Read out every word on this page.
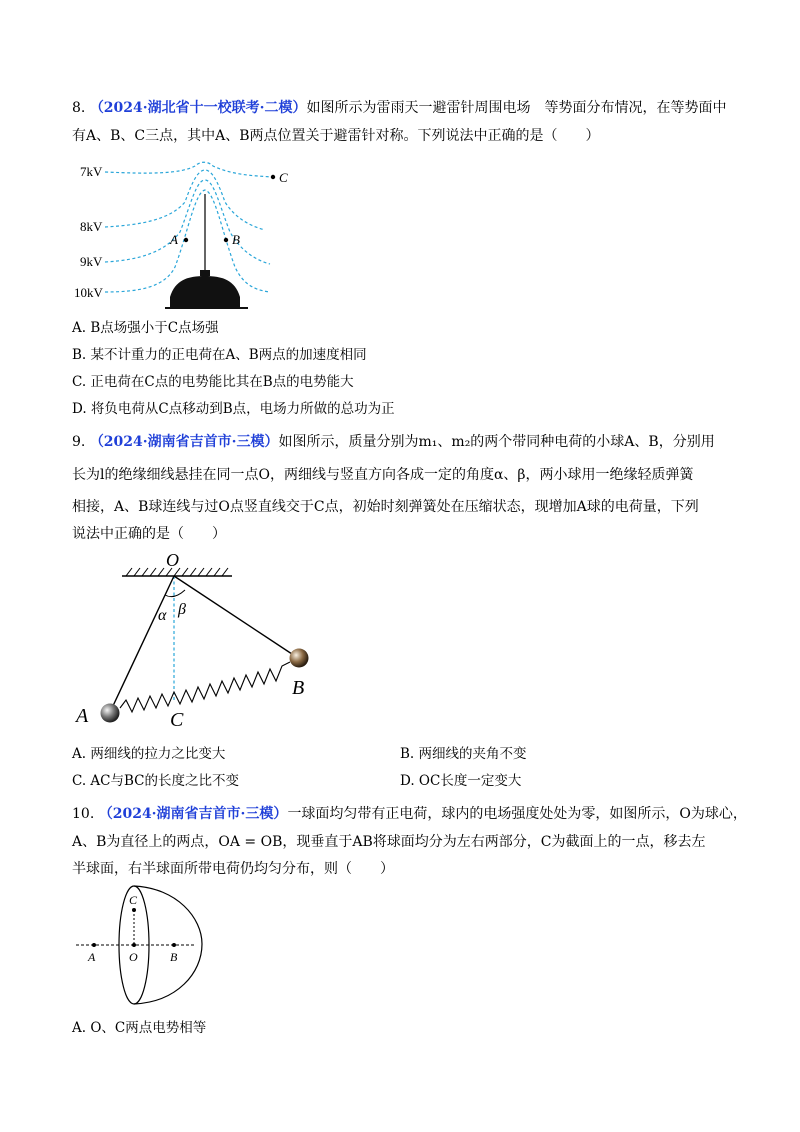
8. （2024·湖北省十一校联考·二模）如图所示为雷雨天一避雷针周围电场　等势面分布情况，在等势面中
有A、B、C三点，其中A、B两点位置关于避雷针对称。下列说法中正确的是（　　）
7kV
8kV
9kV
10kV
A	B
C
A. B点场强小于C点场强
B. 某不计重力的正电荷在A、B两点的加速度相同
C. 正电荷在C点的电势能比其在B点的电势能大
D. 将负电荷从C点移动到B点，电场力所做的总功为正
9. （2024·湖南省吉首市·三模）如图所示，质量分别为m₁、m₂的两个带同种电荷的小球A、B，分别用
长为l的绝缘细线悬挂在同一点O，两细线与竖直方向各成一定的角度α、β，两小球用一绝缘轻质弹簧
相接，A、B球连线与过O点竖直线交于C点，初始时刻弹簧处在压缩状态，现增加A球的电荷量，下列
说法中正确的是（　　）
O
α β
A
B
C
A. 两细线的拉力之比变大	B. 两细线的夹角不变
C. AC与BC的长度之比不变	D. OC长度一定变大
10. （2024·湖南省吉首市·三模）一球面均匀带有正电荷，球内的电场强度处处为零，如图所示，O为球心，
A、B为直径上的两点，OA = OB，现垂直于AB将球面均分为左右两部分，C为截面上的一点，移去左
半球面，右半球面所带电荷仍均匀分布，则（　　）
A	O	B
C
A. O、C两点电势相等
